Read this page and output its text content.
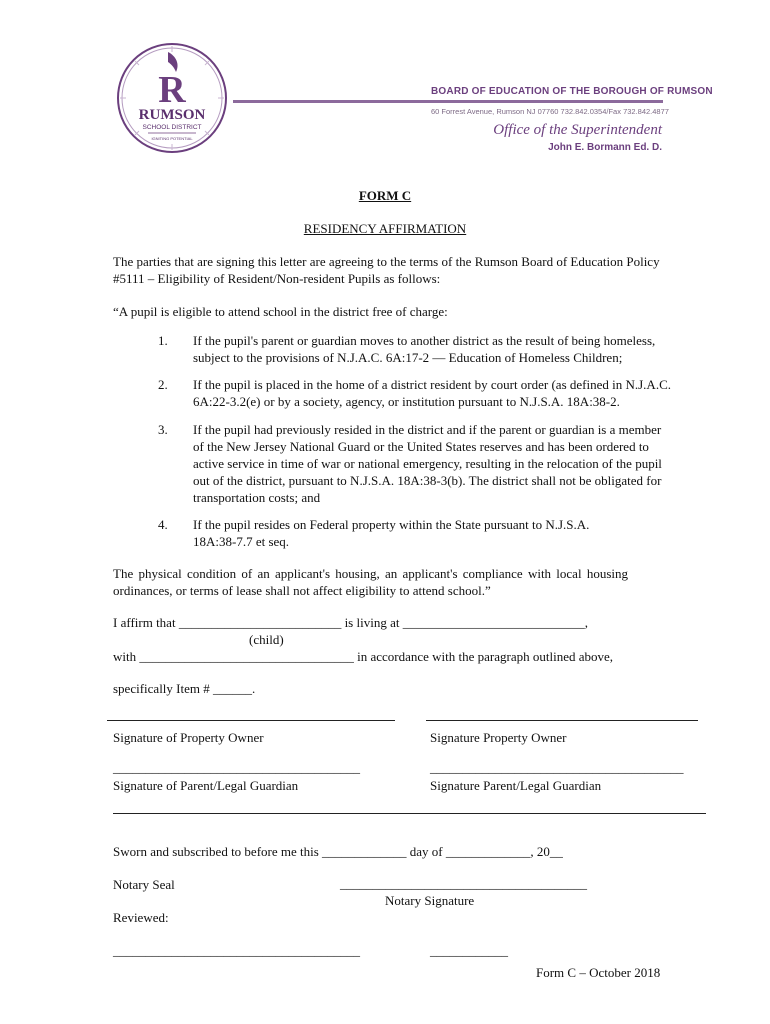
R
RUMSON
SCHOOL DISTRICT
IGNITING POTENTIAL
BOARD OF EDUCATION OF THE BOROUGH OF RUMSON
60 Forrest Avenue, Rumson NJ 07760 732.842.0354/Fax 732.842.4877
Office of the Superintendent
John E. Bormann Ed. D.
FORM C
RESIDENCY AFFIRMATION
The parties that are signing this letter are agreeing to the terms of the Rumson Board of Education Policy
#5111 – Eligibility of Resident/Non-resident Pupils as follows:
“A pupil is eligible to attend school in the district free of charge:
1.	If the pupil's parent or guardian moves to another district as the result of being homeless,
subject to the provisions of N.J.A.C. 6A:17-2 — Education of Homeless Children;
2.	If the pupil is placed in the home of a district resident by court order (as defined in N.J.A.C.
6A:22-3.2(e) or by a society, agency, or institution pursuant to N.J.S.A. 18A:38-2.
3.	If the pupil had previously resided in the district and if the parent or guardian is a member
of the New Jersey National Guard or the United States reserves and has been ordered to
active service in time of war or national emergency, resulting in the relocation of the pupil
out of the district, pursuant to N.J.S.A. 18A:38-3(b). The district shall not be obligated for
transportation costs; and
4.	If the pupil resides on Federal property within the State pursuant to N.J.S.A.
18A:38-7.7 et seq.
The physical condition of an applicant's housing, an applicant's compliance with local housing
ordinances, or terms of lease shall not affect eligibility to attend school.”
I affirm that _________________________ is living at ____________________________,
(child)
with _________________________________ in accordance with the paragraph outlined above,
specifically Item # ______.
Signature of Property Owner	Signature Property Owner
______________________________________	_______________________________________
Signature of Parent/Legal Guardian	Signature Parent/Legal Guardian
Sworn and subscribed to before me this _____________ day of _____________, 20__
Notary Seal	______________________________________
Notary Signature
Reviewed:
______________________________________	____________
Form C – October 2018
